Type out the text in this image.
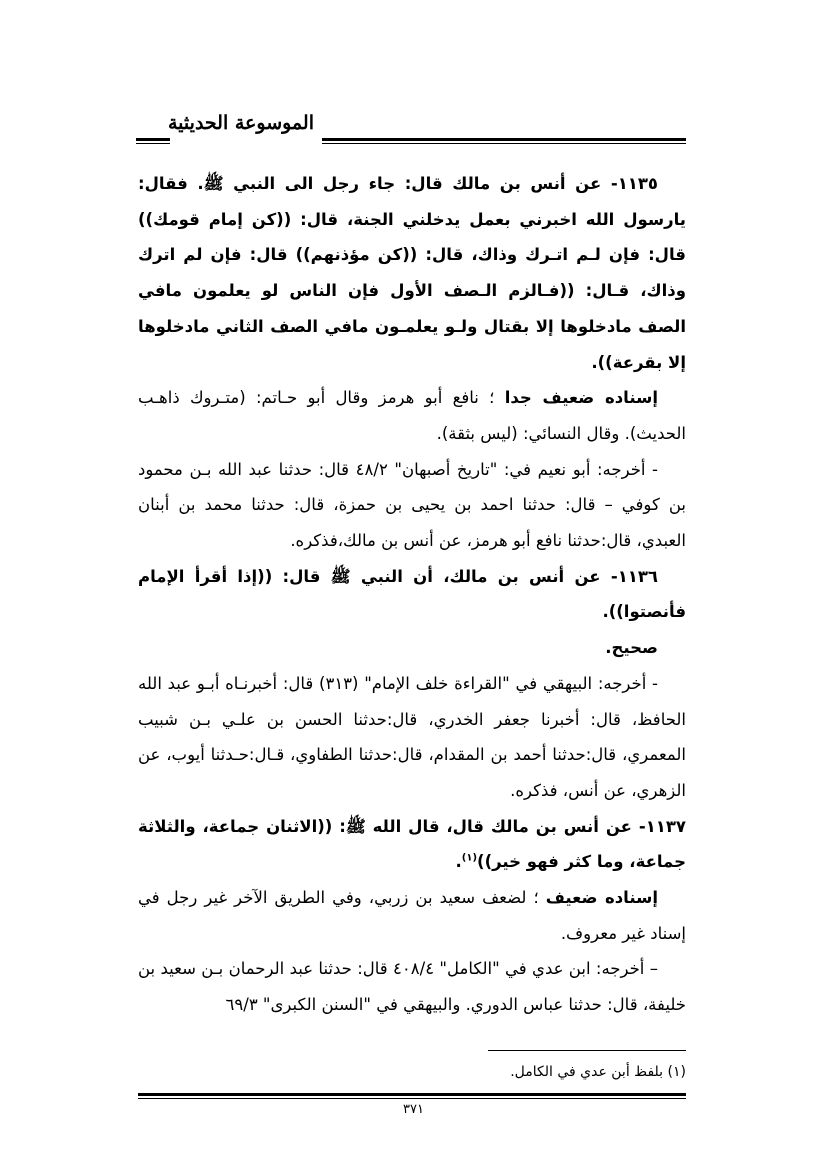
الموسوعة الحديثية

١١٣٥- عن أنس بن مالك قال: جاء رجل الى النبي ﷺ. فقال: يارسول الله اخبرني بعمل يدخلني الجنة، قال: ((كن إمام قومك)) قال: فإن لـم اتـرك وذاك، قال: ((كن مؤذنهم)) قال: فإن لم اترك وذاك، قـال: ((فـالزم الـصف الأول فإن الناس لو يعلمون مافي الصف مادخلوها إلا بقتال ولـو يعلمـون مافي الصف الثاني مادخلوها إلا بقرعة)).

إسناده ضعيف جدا ؛ نافع أبو هرمز وقال أبو حـاتم: (متـروك ذاهـب الحديث). وقال النسائي: (ليس بثقة).

- أخرجه: أبو نعيم في: "تاريخ أصبهان" ٤٨/٢ قال: حدثنا عبد الله بـن محمود بن كوفي – قال: حدثنا احمد بن يحيى بن حمزة، قال: حدثنا محمد بن أبنان العبدي، قال:حدثنا نافع أبو هرمز، عن أنس بن مالك،فذكره.

١١٣٦- عن أنس بن مالك، أن النبي ﷺ قال: ((إذا أقرأ الإمام فأنصتوا)).

صحيح.

- أخرجه: البيهقي في "القراءة خلف الإمام" (٣١٣) قال: أخبرنـاه أبـو عبد الله الحافظ، قال: أخبرنا جعفر الخدري، قال:حدثنا الحسن بن علـي بـن شبيب المعمري، قال:حدثنا أحمد بن المقدام، قال:حدثنا الطفاوي، قـال:حـدثنا أيوب، عن الزهري، عن أنس، فذكره.

١١٣٧- عن أنس بن مالك قال، قال الله ﷺ: ((الاثنان جماعة، والثلاثة جماعة، وما كثر فهو خير))$^{(١)}$.

إسناده ضعيف ؛ لضعف سعيد بن زربي، وفي الطريق الآخر غير رجل في إسناد غير معروف.

– أخرجه: ابن عدي في "الكامل" ٤٠٨/٤ قال: حدثنا عبد الرحمان بـن سعيد بن خليفة، قال: حدثنا عباس الدوري. والبيهقي في "السنن الكبرى" ٦٩/٣

(١) بلفظ أبن عدي في الكامل.
٣٧١
